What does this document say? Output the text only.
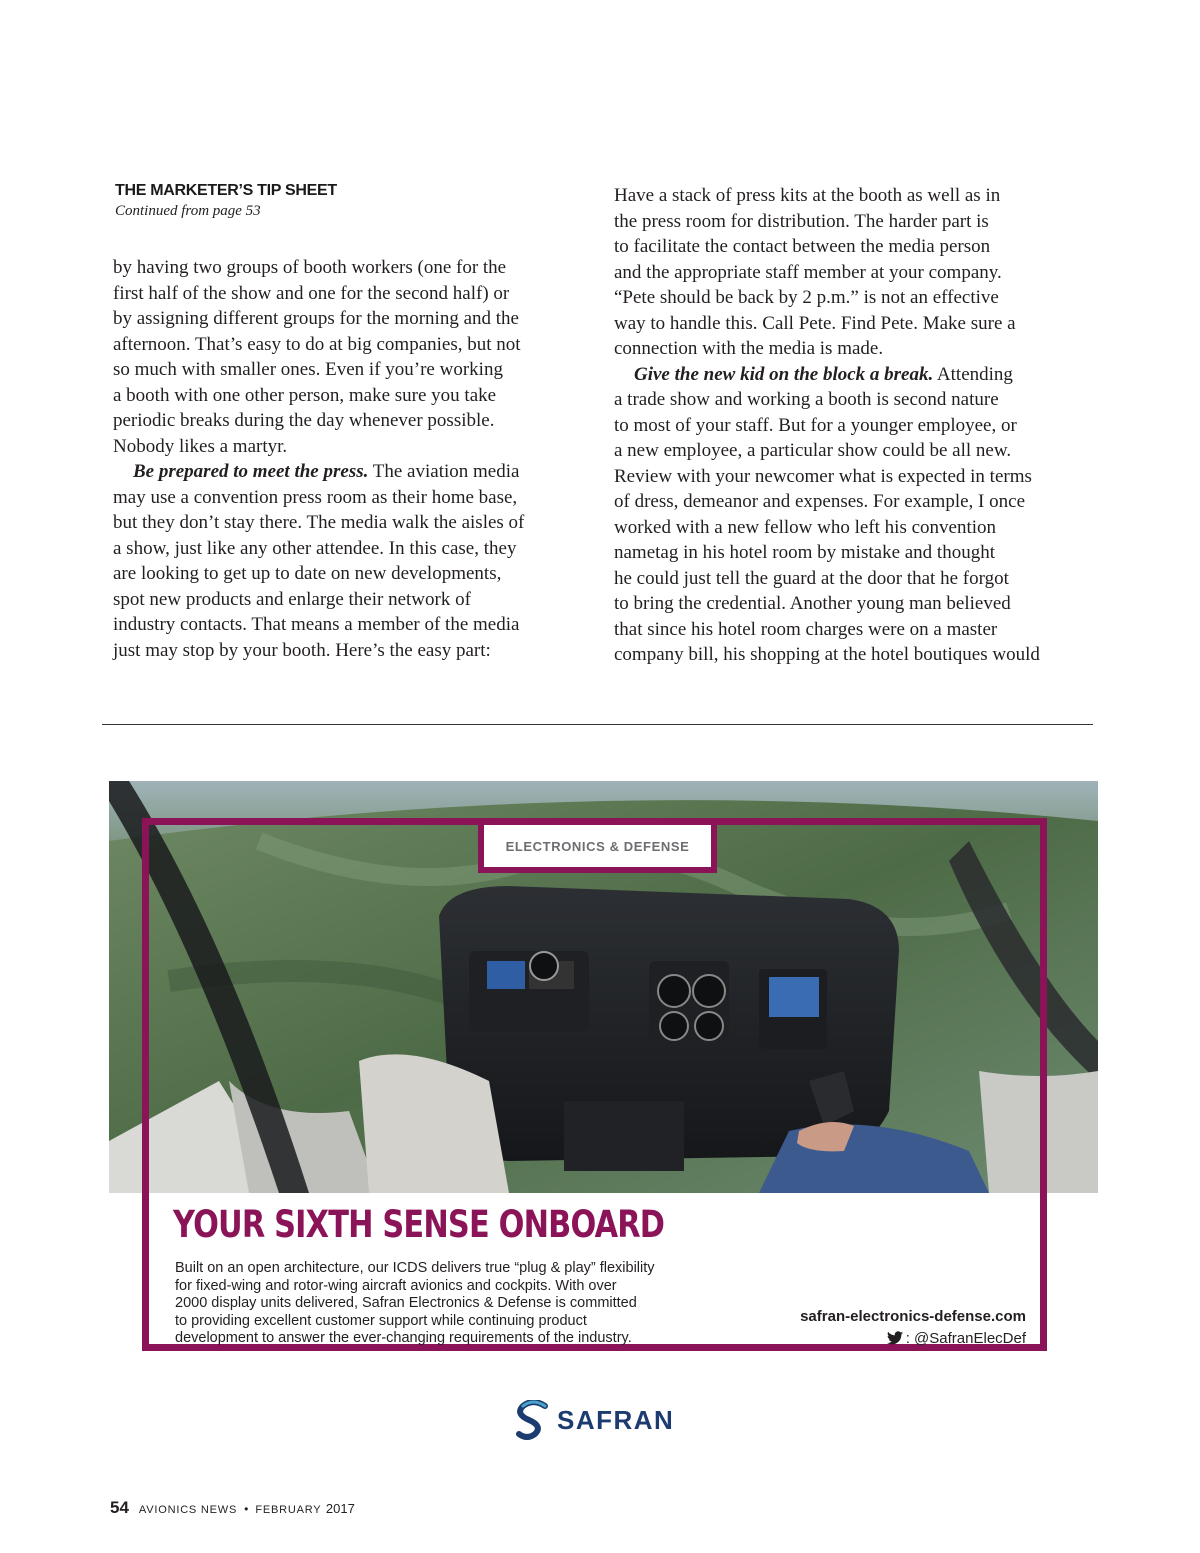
THE MARKETER’S TIP SHEET
Continued from page 53

by having two groups of booth workers (one for the
first half of the show and one for the second half) or
by assigning different groups for the morning and the
afternoon. That’s easy to do at big companies, but not
so much with smaller ones. Even if you’re working
a booth with one other person, make sure you take
periodic breaks during the day whenever possible.
Nobody likes a martyr.

Be prepared to meet the press. The aviation media
may use a convention press room as their home base,
but they don’t stay there. The media walk the aisles of
a show, just like any other attendee. In this case, they
are looking to get up to date on new developments,
spot new products and enlarge their network of
industry contacts. That means a member of the media
just may stop by your booth. Here’s the easy part:

Have a stack of press kits at the booth as well as in
the press room for distribution. The harder part is
to facilitate the contact between the media person
and the appropriate staff member at your company.
“Pete should be back by 2 p.m.” is not an effective
way to handle this. Call Pete. Find Pete. Make sure a
connection with the media is made.

Give the new kid on the block a break. Attending
a trade show and working a booth is second nature
to most of your staff. But for a younger employee, or
a new employee, a particular show could be all new.
Review with your newcomer what is expected in terms
of dress, demeanor and expenses. For example, I once
worked with a new fellow who left his convention
nametag in his hotel room by mistake and thought
he could just tell the guard at the door that he forgot
to bring the credential. Another young man believed
that since his hotel room charges were on a master
company bill, his shopping at the hotel boutiques would

ELECTRONICS & DEFENSE
YOUR SIXTH SENSE ONBOARD
Built on an open architecture, our ICDS delivers true “plug & play” flexibility
for fixed-wing and rotor-wing aircraft avionics and cockpits. With over
2000 display units delivered, Safran Electronics & Defense is committed
to providing excellent customer support while continuing product
development to answer the ever-changing requirements of the industry.
safran-electronics-defense.com
: @SafranElecDef
SAFRAN
54 AVIONICS NEWS • FEBRUARY 2017
